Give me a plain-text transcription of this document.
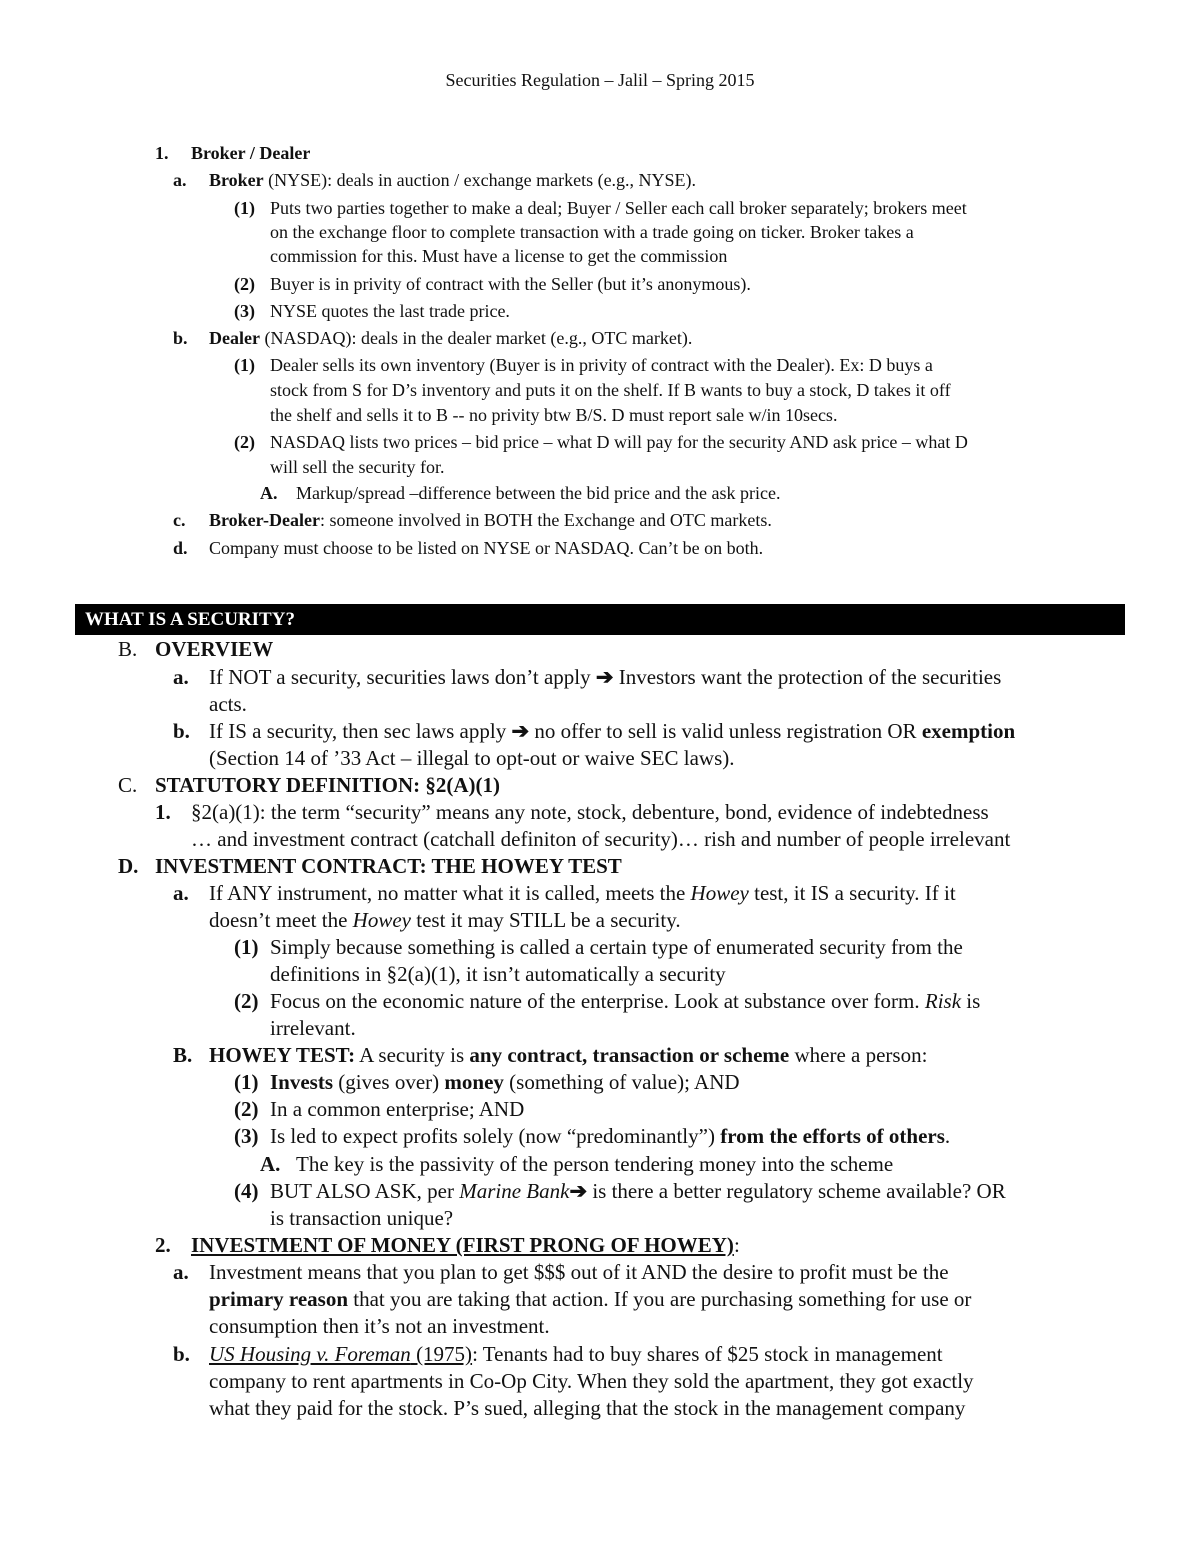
Securities Regulation – Jalil – Spring 2015
1. Broker / Dealer
a. Broker (NYSE): deals in auction / exchange markets (e.g., NYSE).
(1) Puts two parties together to make a deal; Buyer / Seller each call broker separately; brokers meet
on the exchange floor to complete transaction with a trade going on ticker. Broker takes a
commission for this. Must have a license to get the commission
(2) Buyer is in privity of contract with the Seller (but it’s anonymous).
(3) NYSE quotes the last trade price.
b. Dealer (NASDAQ): deals in the dealer market (e.g., OTC market).
(1) Dealer sells its own inventory (Buyer is in privity of contract with the Dealer). Ex: D buys a
stock from S for D’s inventory and puts it on the shelf. If B wants to buy a stock, D takes it off
the shelf and sells it to B -- no privity btw B/S. D must report sale w/in 10secs.
(2) NASDAQ lists two prices – bid price – what D will pay for the security AND ask price – what D
will sell the security for.
A. Markup/spread –difference between the bid price and the ask price.
c. Broker-Dealer: someone involved in BOTH the Exchange and OTC markets.
d. Company must choose to be listed on NYSE or NASDAQ. Can’t be on both.
WHAT IS A SECURITY?
B. OVERVIEW
a. If NOT a security, securities laws don’t apply ➔ Investors want the protection of the securities
acts.
b. If IS a security, then sec laws apply ➔ no offer to sell is valid unless registration OR exemption
(Section 14 of ’33 Act – illegal to opt-out or waive SEC laws).
C. STATUTORY DEFINITION: §2(A)(1)
1. §2(a)(1): the term “security” means any note, stock, debenture, bond, evidence of indebtedness
… and investment contract (catchall definiton of security)… rish and number of people irrelevant
D. INVESTMENT CONTRACT: THE HOWEY TEST
a. If ANY instrument, no matter what it is called, meets the Howey test, it IS a security. If it
doesn’t meet the Howey test it may STILL be a security.
(1) Simply because something is called a certain type of enumerated security from the
definitions in §2(a)(1), it isn’t automatically a security
(2) Focus on the economic nature of the enterprise. Look at substance over form. Risk is
irrelevant.
B. HOWEY TEST: A security is any contract, transaction or scheme where a person:
(1) Invests (gives over) money (something of value); AND
(2) In a common enterprise; AND
(3) Is led to expect profits solely (now “predominantly”) from the efforts of others.
A. The key is the passivity of the person tendering money into the scheme
(4) BUT ALSO ASK, per Marine Bank➔ is there a better regulatory scheme available? OR
is transaction unique?
2. INVESTMENT OF MONEY (FIRST PRONG OF HOWEY):
a. Investment means that you plan to get $$$ out of it AND the desire to profit must be the
primary reason that you are taking that action. If you are purchasing something for use or
consumption then it’s not an investment.
b. US Housing v. Foreman (1975): Tenants had to buy shares of $25 stock in management
company to rent apartments in Co-Op City. When they sold the apartment, they got exactly
what they paid for the stock. P’s sued, alleging that the stock in the management company
